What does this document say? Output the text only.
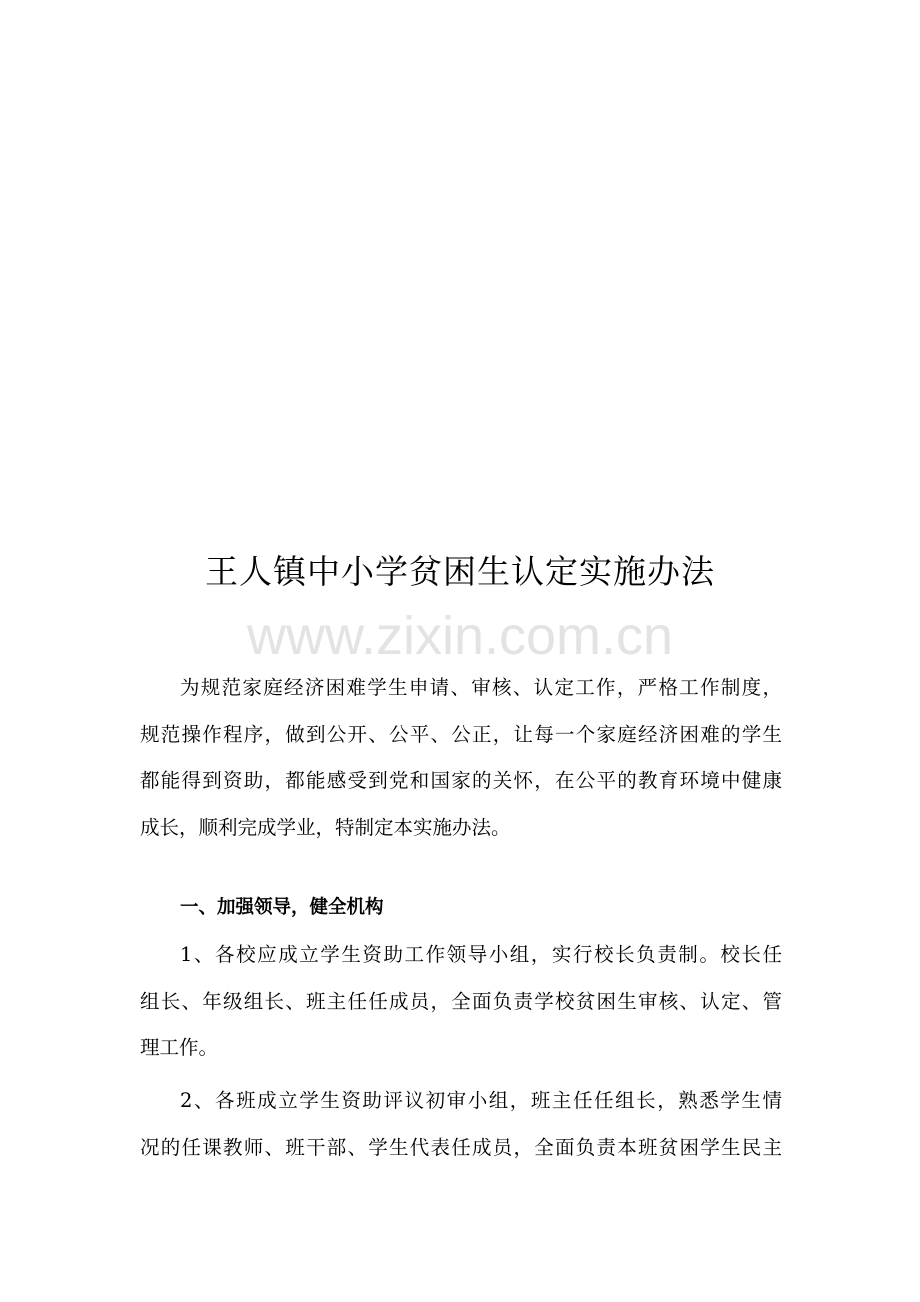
王人镇中小学贫困生认定实施办法
www.zixin.com.cn
为规范家庭经济困难学生申请、审核、认定工作，严格工作制度，
规范操作程序，做到公开、公平、公正，让每一个家庭经济困难的学生
都能得到资助，都能感受到党和国家的关怀，在公平的教育环境中健康
成长，顺利完成学业，特制定本实施办法。
一、加强领导，健全机构
1、各校应成立学生资助工作领导小组，实行校长负责制。校长任
组长、年级组长、班主任任成员，全面负责学校贫困生审核、认定、管
理工作。
2、各班成立学生资助评议初审小组，班主任任组长，熟悉学生情
况的任课教师、班干部、学生代表任成员，全面负责本班贫困学生民主
